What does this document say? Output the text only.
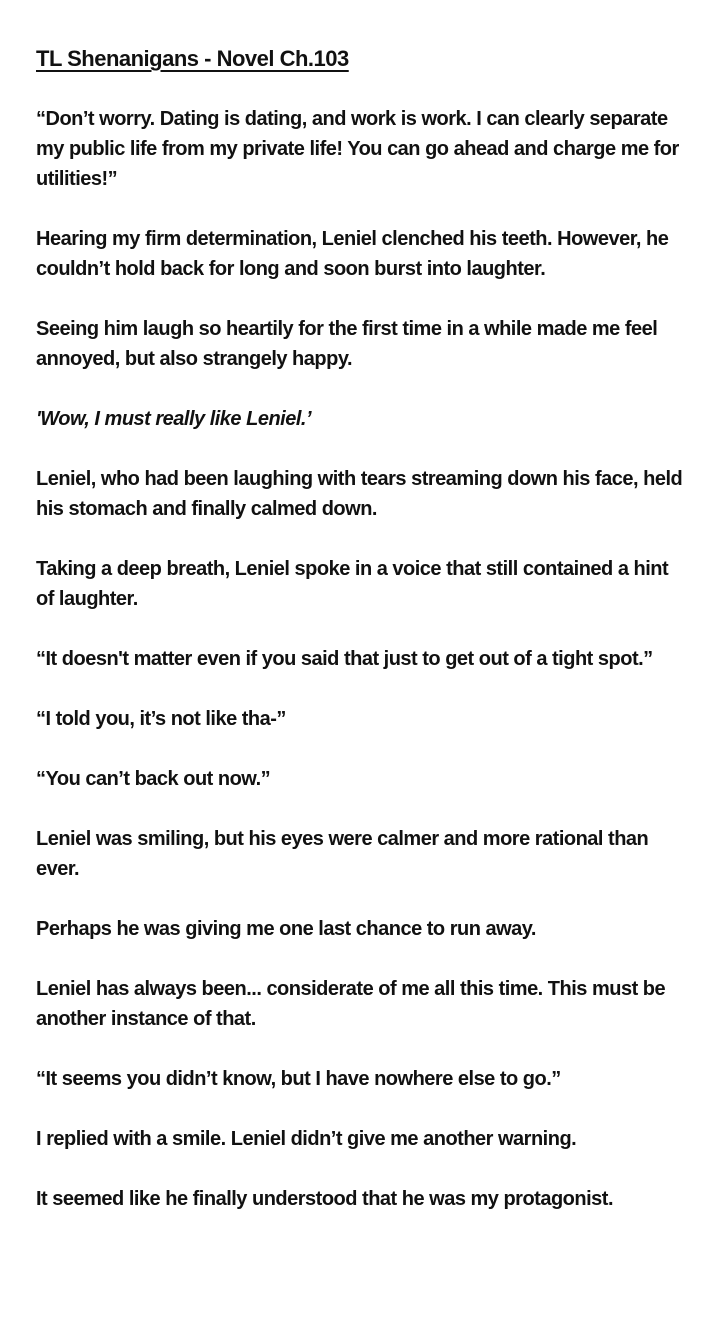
TL Shenanigans - Novel Ch.103

“Don’t worry. Dating is dating, and work is work. I can clearly separate my public life from my private life! You can go ahead and charge me for utilities!”

Hearing my firm determination, Leniel clenched his teeth. However, he couldn’t hold back for long and soon burst into laughter.

Seeing him laugh so heartily for the first time in a while made me feel annoyed, but also strangely happy.

'Wow, I must really like Leniel.’

Leniel, who had been laughing with tears streaming down his face, held his stomach and finally calmed down.

Taking a deep breath, Leniel spoke in a voice that still contained a hint of laughter.

“It doesn't matter even if you said that just to get out of a tight spot.”

“I told you, it’s not like tha-”

“You can’t back out now.”

Leniel was smiling, but his eyes were calmer and more rational than ever.

Perhaps he was giving me one last chance to run away.

Leniel has always been... considerate of me all this time. This must be another instance of that.

“It seems you didn’t know, but I have nowhere else to go.”

I replied with a smile. Leniel didn’t give me another warning.

It seemed like he finally understood that he was my protagonist.
